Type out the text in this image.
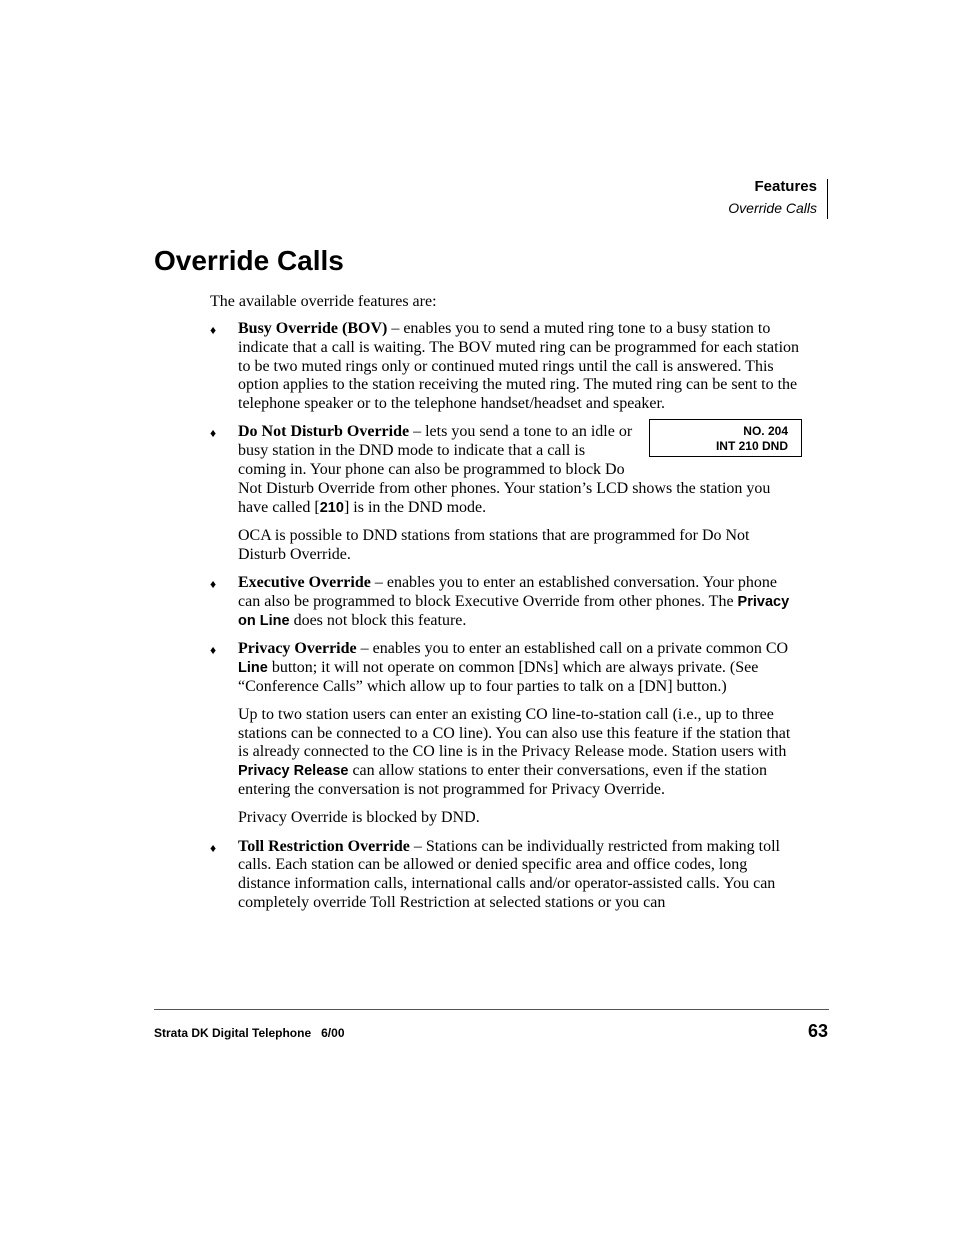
Features
Override Calls
Override Calls
The available override features are:
♦ Busy Override (BOV) – enables you to send a muted ring tone to a busy station to indicate that a call is waiting. The BOV muted ring can be programmed for each station to be two muted rings only or continued muted rings until the call is answered. This option applies to the station receiving the muted ring. The muted ring can be sent to the telephone speaker or to the telephone handset/headset and speaker.
♦	NO. 204
INT 210 DND
Do Not Disturb Override – lets you send a tone to an idle or busy station in the DND mode to indicate that a call is coming in. Your phone can also be programmed to block Do Not Disturb Override from other phones. Your station’s LCD shows the station you have called [210] is in the DND mode.
OCA is possible to DND stations from stations that are programmed for Do Not Disturb Override.
♦ Executive Override – enables you to enter an established conversation. Your phone can also be programmed to block Executive Override from other phones. The Privacy on Line does not block this feature.
♦ Privacy Override – enables you to enter an established call on a private common CO Line button; it will not operate on common [DNs] which are always private. (See “Conference Calls” which allow up to four parties to talk on a [DN] button.)
Up to two station users can enter an existing CO line-to-station call (i.e., up to three stations can be connected to a CO line). You can also use this feature if the station that is already connected to the CO line is in the Privacy Release mode. Station users with Privacy Release can allow stations to enter their conversations, even if the station entering the conversation is not programmed for Privacy Override.
Privacy Override is blocked by DND.
♦ Toll Restriction Override – Stations can be individually restricted from making toll calls. Each station can be allowed or denied specific area and office codes, long distance information calls, international calls and/or operator-assisted calls. You can completely override Toll Restriction at selected stations or you can
Strata DK Digital Telephone   6/00	63
